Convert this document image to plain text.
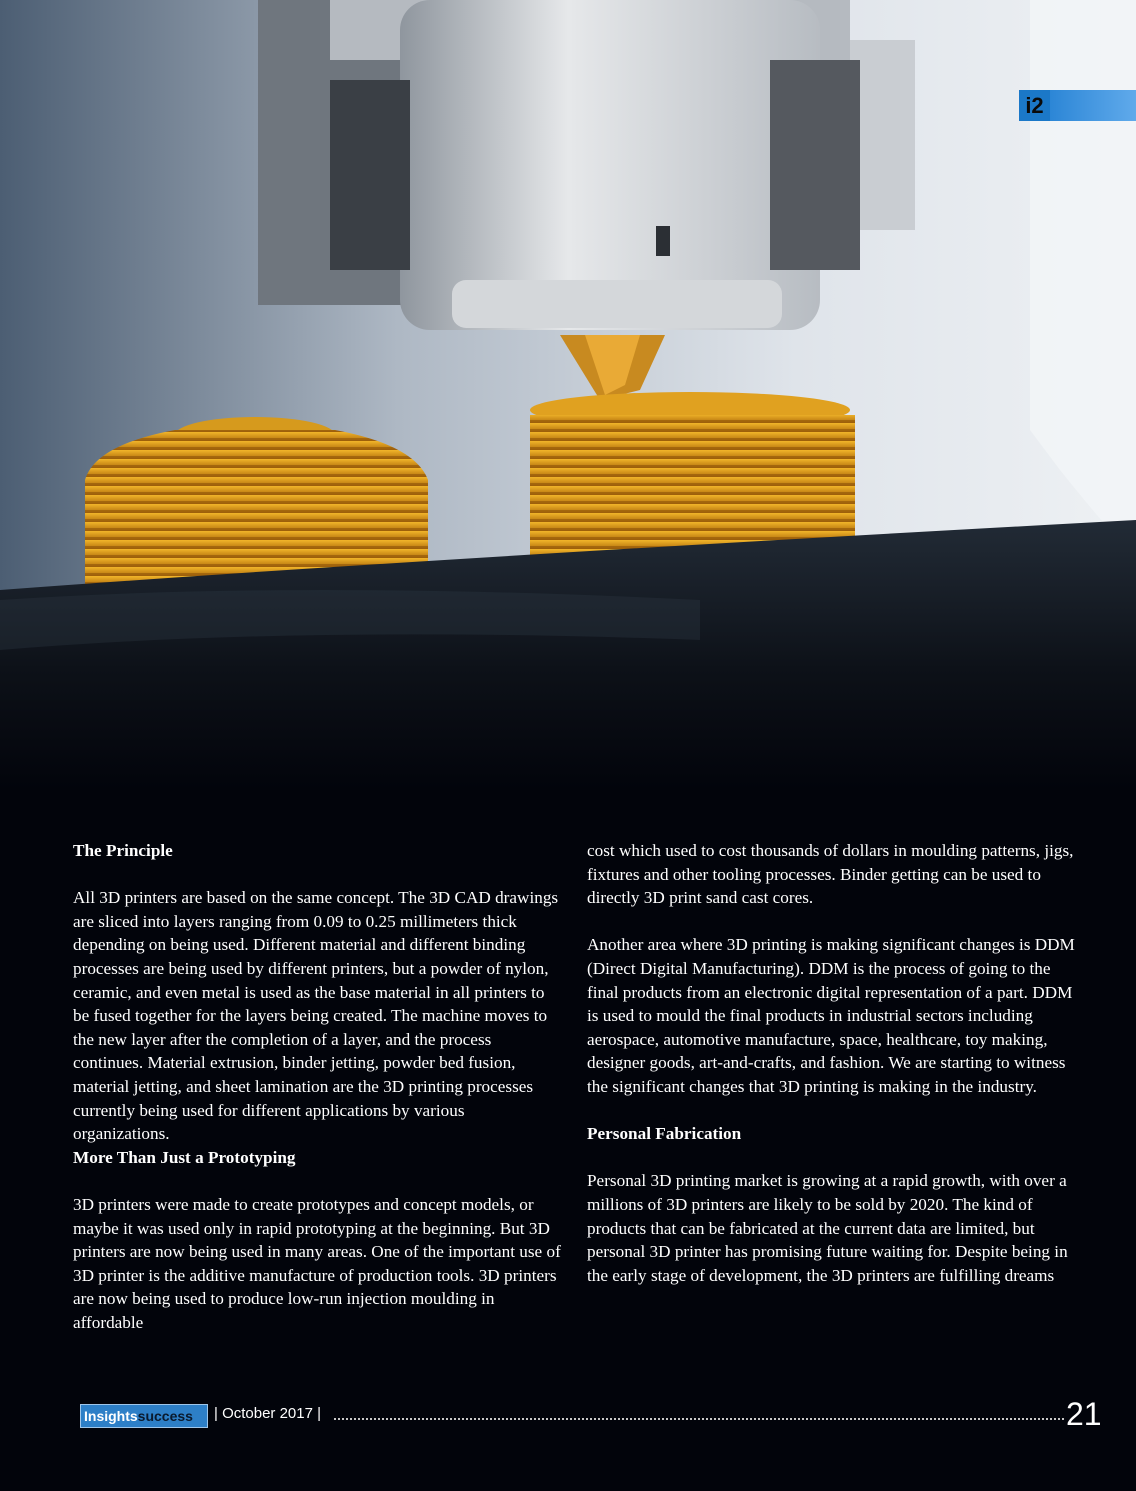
i2
The Principle

All 3D printers are based on the same concept. The 3D CAD drawings are sliced into layers ranging from 0.09 to 0.25 millimeters thick depending on being used. Different material and different binding processes are being used by different printers, but a powder of nylon, ceramic, and even metal is used as the base material in all printers to be fused together for the layers being created. The machine moves to the new layer after the completion of a layer, and the process continues. Material extrusion, binder jetting, powder bed fusion, material jetting, and sheet lamination are the 3D printing processes currently being used for different applications by various organizations.

More Than Just a Prototyping

3D printers were made to create prototypes and concept models, or maybe it was used only in rapid prototyping at the beginning. But 3D printers are now being used in many areas. One of the important use of 3D printer is the additive manufacture of production tools. 3D printers are now being used to produce low-run injection moulding in affordable

cost which used to cost thousands of dollars in moulding patterns, jigs, fixtures and other tooling processes. Binder getting can be used to directly 3D print sand cast cores.

Another area where 3D printing is making significant changes is DDM (Direct Digital Manufacturing). DDM is the process of going to the final products from an electronic digital representation of a part. DDM is used to mould the final products in industrial sectors including aerospace, automotive manufacture, space, healthcare, toy making, designer goods, art-and-crafts, and fashion. We are starting to witness the significant changes that 3D printing is making in the industry.

Personal Fabrication

Personal 3D printing market is growing at a rapid growth, with over a millions of 3D printers are likely to be sold by 2020. The kind of products that can be fabricated at the current data are limited, but personal 3D printer has promising future waiting for. Despite being in the early stage of development, the 3D printers are fulfilling dreams

Insightssuccess	| October 2017 |	21
